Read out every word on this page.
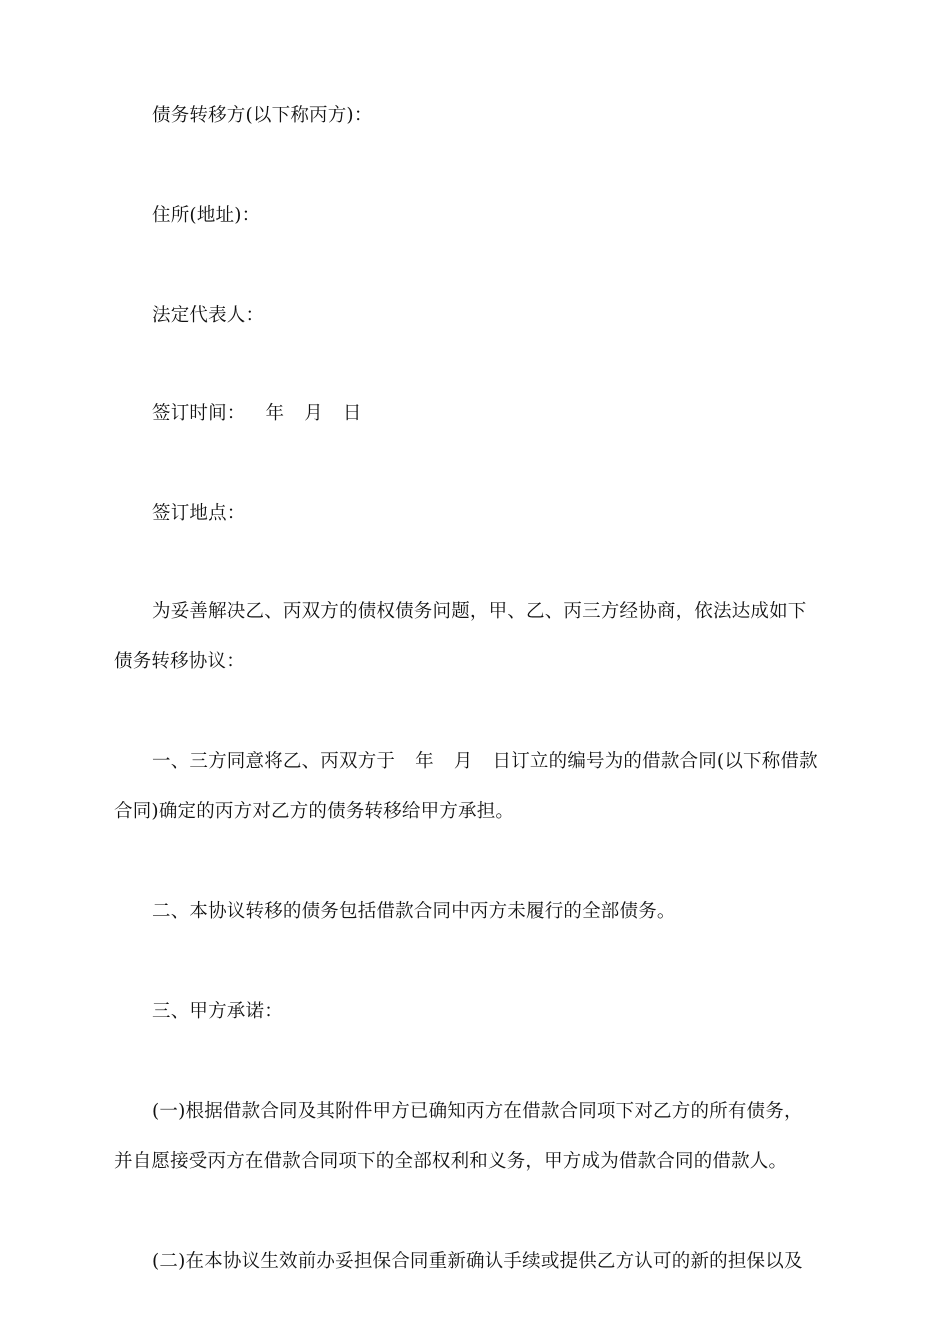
债务转移方(以下称丙方)：

住所(地址)：

法定代表人：

签订时间： 年 月 日

签订地点：

为妥善解决乙、丙双方的债权债务问题，甲、乙、丙三方经协商，依法达成如下
债务转移协议：

一、三方同意将乙、丙双方于 年 月 日订立的编号为的借款合同(以下称借款
合同)确定的丙方对乙方的债务转移给甲方承担。

二、本协议转移的债务包括借款合同中丙方未履行的全部债务。

三、甲方承诺：

(一)根据借款合同及其附件甲方已确知丙方在借款合同项下对乙方的所有债务，
并自愿接受丙方在借款合同项下的全部权利和义务，甲方成为借款合同的借款人。

(二)在本协议生效前办妥担保合同重新确认手续或提供乙方认可的新的担保以及
